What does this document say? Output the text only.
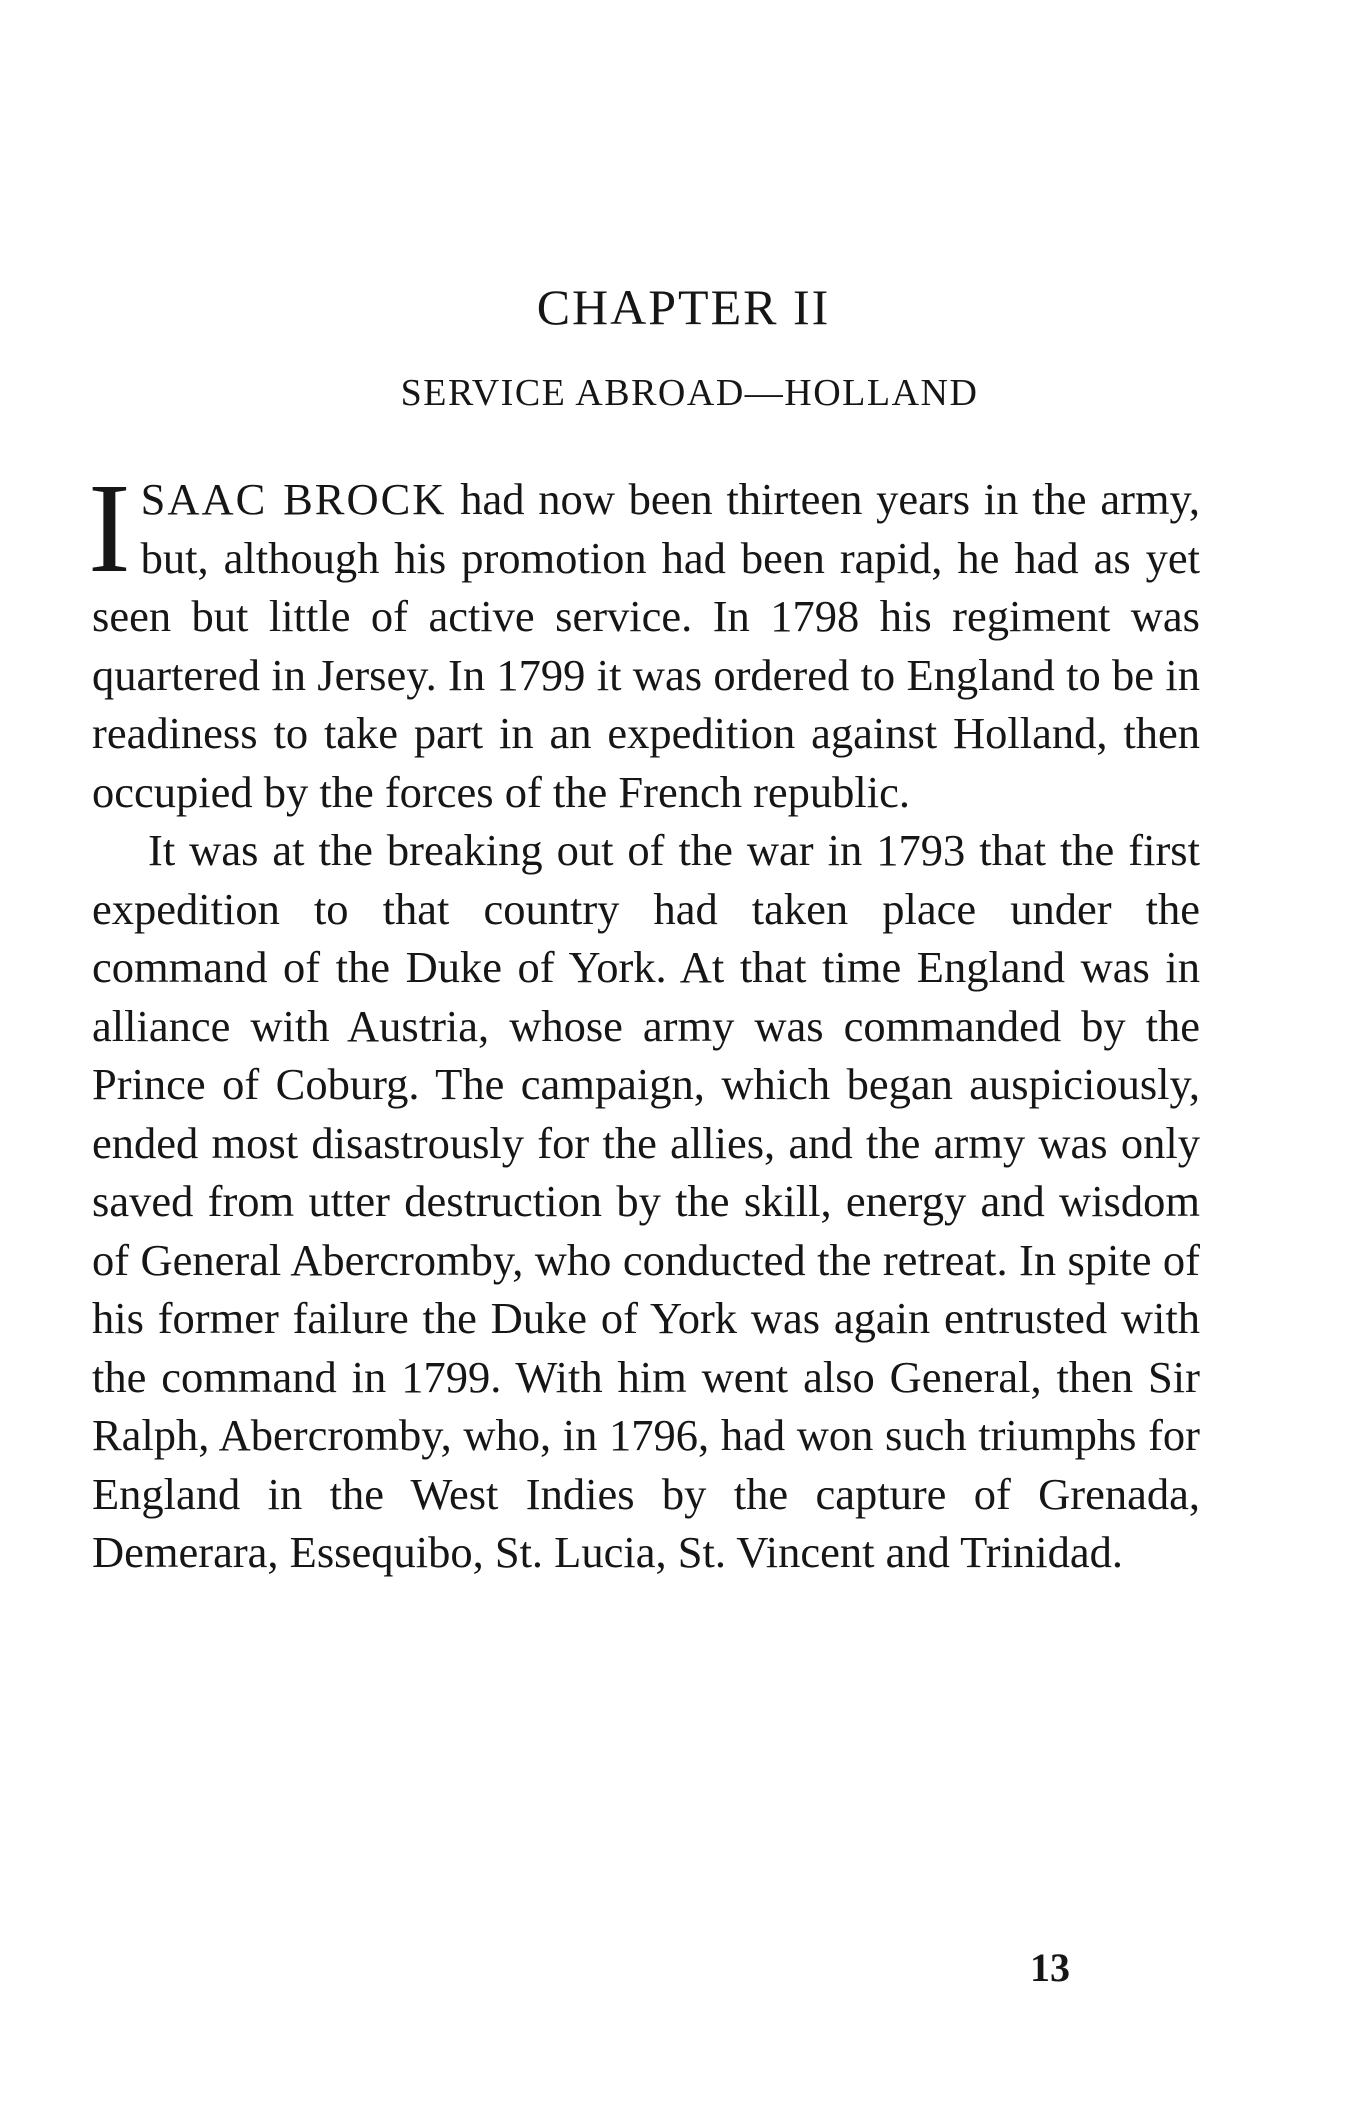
CHAPTER II
SERVICE ABROAD—HOLLAND

ISAAC BROCK had now been thirteen years in the army, but, although his promotion had been rapid, he had as yet seen but little of active service. In 1798 his regiment was quartered in Jersey. In 1799 it was ordered to England to be in readiness to take part in an expedition against Holland, then occupied by the forces of the French republic.

It was at the breaking out of the war in 1793 that the first expedition to that country had taken place under the command of the Duke of York. At that time England was in alliance with Austria, whose army was commanded by the Prince of Coburg. The campaign, which began auspiciously, ended most disastrously for the allies, and the army was only saved from utter destruction by the skill, energy and wisdom of General Abercromby, who conducted the retreat. In spite of his former failure the Duke of York was again entrusted with the command in 1799. With him went also General, then Sir Ralph, Abercromby, who, in 1796, had won such triumphs for England in the West Indies by the capture of Grenada, Demerara, Essequibo, St. Lucia, St. Vincent and Trinidad.

13
